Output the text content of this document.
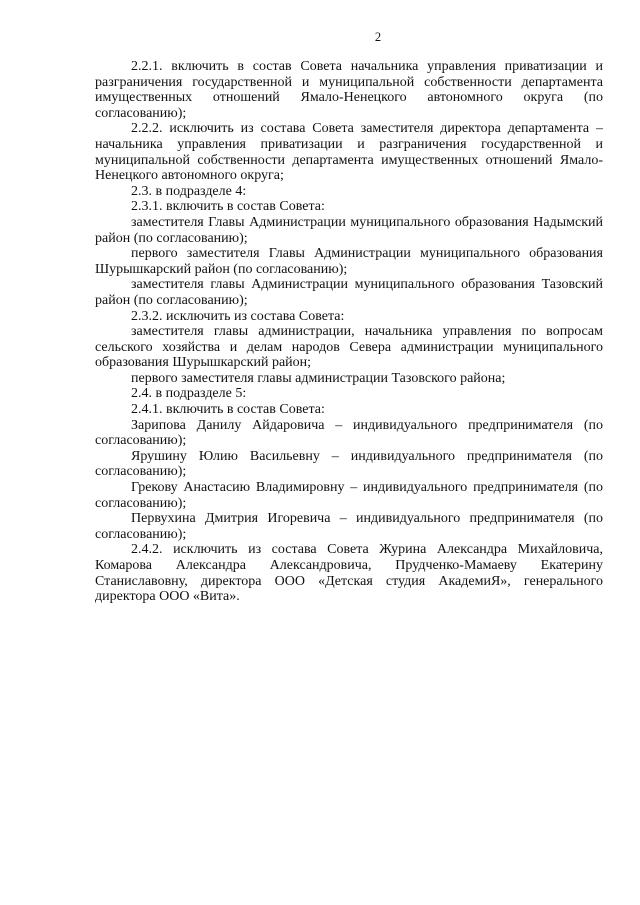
2

2.2.1. включить в состав Совета начальника управления приватизации и разграничения государственной и муниципальной собственности департамента имущественных отношений Ямало-Ненецкого автономного округа (по согласованию);

2.2.2. исключить из состава Совета заместителя директора департамента – начальника управления приватизации и разграничения государственной и муниципальной собственности департамента имущественных отношений Ямало-Ненецкого автономного округа;

2.3. в подразделе 4:

2.3.1. включить в состав Совета:

заместителя Главы Администрации муниципального образования Надымский район (по согласованию);

первого заместителя Главы Администрации муниципального образования Шурышкарский район (по согласованию);

заместителя главы Администрации муниципального образования Тазовский район (по согласованию);

2.3.2. исключить из состава Совета:

заместителя главы администрации, начальника управления по вопросам сельского хозяйства и делам народов Севера администрации муниципального образования Шурышкарский район;

первого заместителя главы администрации Тазовского района;

2.4. в подразделе 5:

2.4.1. включить в состав Совета:

Зарипова Данилу Айдаровича – индивидуального предпринимателя (по согласованию);

Ярушину Юлию Васильевну – индивидуального предпринимателя (по согласованию);

Грекову Анастасию Владимировну – индивидуального предпринимателя (по согласованию);

Первухина Дмитрия Игоревича – индивидуального предпринимателя (по согласованию);

2.4.2. исключить из состава Совета Журина Александра Михайловича, Комарова Александра Александровича, Прудченко-Мамаеву Екатерину Станиславовну, директора ООО «Детская студия АкадемиЯ», генерального директора ООО «Вита».
